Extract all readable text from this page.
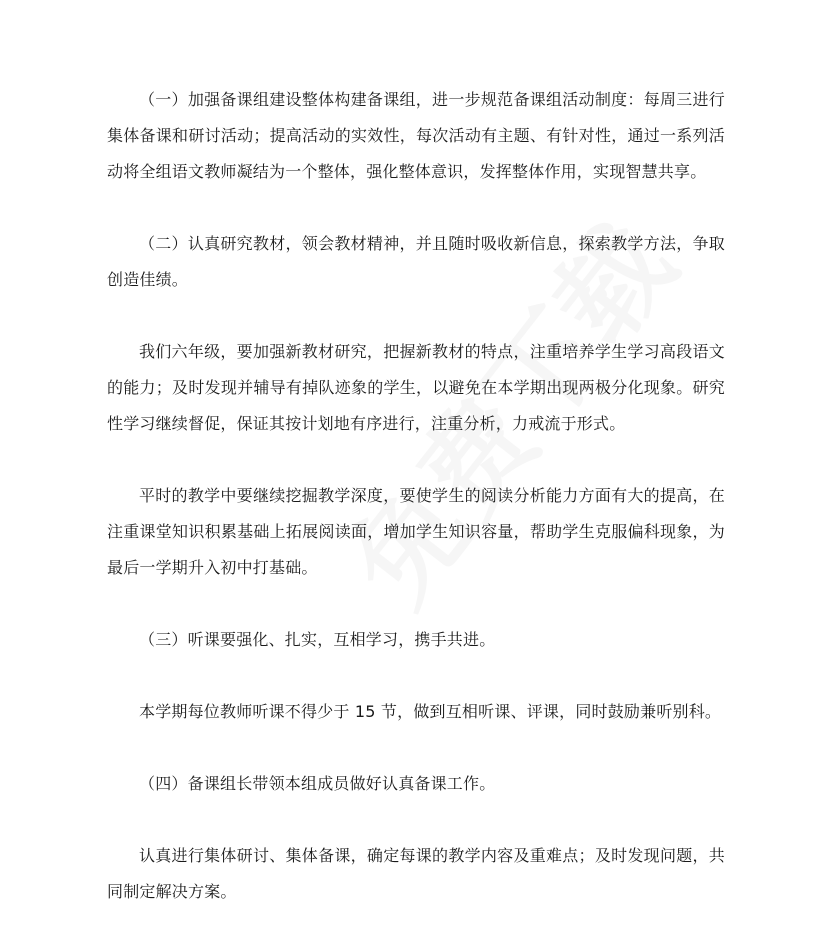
（一）加强备课组建设整体构建备课组，进一步规范备课组活动制度：每周三进行集体备课和研讨活动；提高活动的实效性，每次活动有主题、有针对性，通过一系列活动将全组语文教师凝结为一个整体，强化整体意识，发挥整体作用，实现智慧共享。

（二）认真研究教材，领会教材精神，并且随时吸收新信息，探索教学方法，争取创造佳绩。

我们六年级，要加强新教材研究，把握新教材的特点，注重培养学生学习高段语文的能力；及时发现并辅导有掉队迹象的学生，以避免在本学期出现两极分化现象。研究性学习继续督促，保证其按计划地有序进行，注重分析，力戒流于形式。

平时的教学中要继续挖掘教学深度，要使学生的阅读分析能力方面有大的提高，在注重课堂知识积累基础上拓展阅读面，增加学生知识容量，帮助学生克服偏科现象，为最后一学期升入初中打基础。

（三）听课要强化、扎实，互相学习，携手共进。

本学期每位教师听课不得少于 15 节，做到互相听课、评课，同时鼓励兼听别科。

（四）备课组长带领本组成员做好认真备课工作。

认真进行集体研讨、集体备课，确定每课的教学内容及重难点；及时发现问题，共同制定解决方案。
